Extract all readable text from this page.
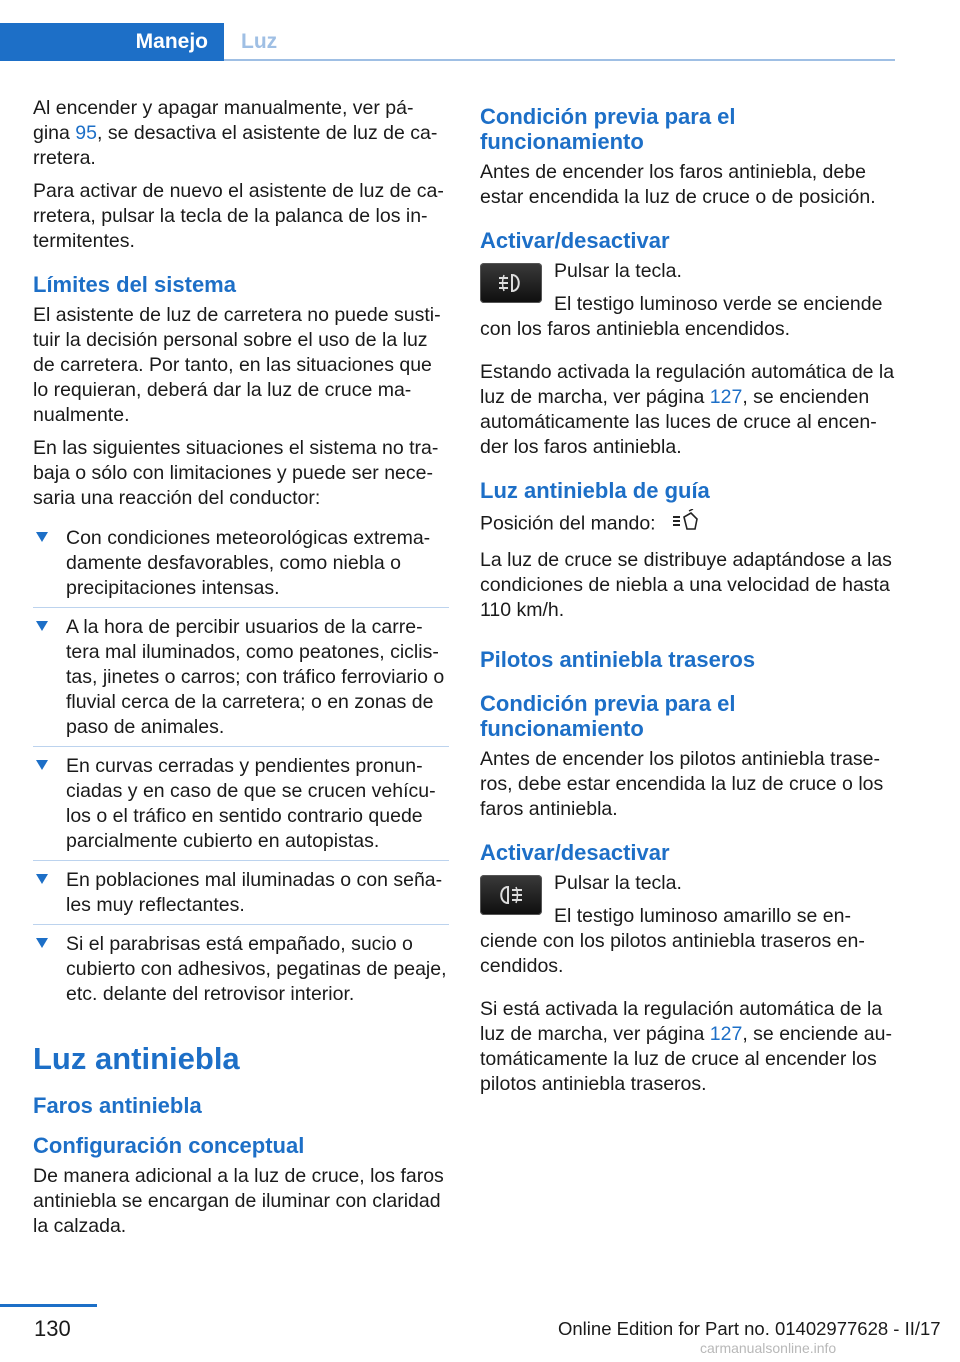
Manejo	Luz

Al encender y apagar manualmente, ver pá-gina 95, se desactiva el asistente de luz de ca-rretera.

Para activar de nuevo el asistente de luz de ca-rretera, pulsar la tecla de la palanca de los in-termitentes.

Límites del sistema

El asistente de luz de carretera no puede susti-tuir la decisión personal sobre el uso de la luz de carretera. Por tanto, en las situaciones que lo requieran, deberá dar la luz de cruce ma-nualmente.

En las siguientes situaciones el sistema no tra-baja o sólo con limitaciones y puede ser nece-saria una reacción del conductor:

Con condiciones meteorológicas extrema-damente desfavorables, como niebla o precipitaciones intensas.
A la hora de percibir usuarios de la carre-tera mal iluminados, como peatones, ciclis-tas, jinetes o carros; con tráfico ferroviario o fluvial cerca de la carretera; o en zonas de paso de animales.
En curvas cerradas y pendientes pronun-ciadas y en caso de que se crucen vehícu-los o el tráfico en sentido contrario quede parcialmente cubierto en autopistas.
En poblaciones mal iluminadas o con seña-les muy reflectantes.
Si el parabrisas está empañado, sucio o cubierto con adhesivos, pegatinas de peaje, etc. delante del retrovisor interior.
Luz antiniebla
Faros antiniebla
Configuración conceptual

De manera adicional a la luz de cruce, los faros antiniebla se encargan de iluminar con claridad la calzada.

Condición previa para el funcionamiento

Antes de encender los faros antiniebla, debe estar encendida la luz de cruce o de posición.

Activar/desactivar

Pulsar la tecla.

El testigo luminoso verde se enciende con los faros antiniebla encendidos.

Estando activada la regulación automática de la luz de marcha, ver página 127, se encienden automáticamente las luces de cruce al encen-der los faros antiniebla.

Luz antiniebla de guía

Posición del mando:

La luz de cruce se distribuye adaptándose a las condiciones de niebla a una velocidad de hasta 110 km/h.

Pilotos antiniebla traseros
Condición previa para el funcionamiento

Antes de encender los pilotos antiniebla trase-ros, debe estar encendida la luz de cruce o los faros antiniebla.

Activar/desactivar

Pulsar la tecla.

El testigo luminoso amarillo se en-ciende con los pilotos antiniebla traseros en-cendidos.

Si está activada la regulación automática de la luz de marcha, ver página 127, se enciende au-tomáticamente la luz de cruce al encender los pilotos antiniebla traseros.

130	Online Edition for Part no. 01402977628 - II/17
carmanualsonline.info
